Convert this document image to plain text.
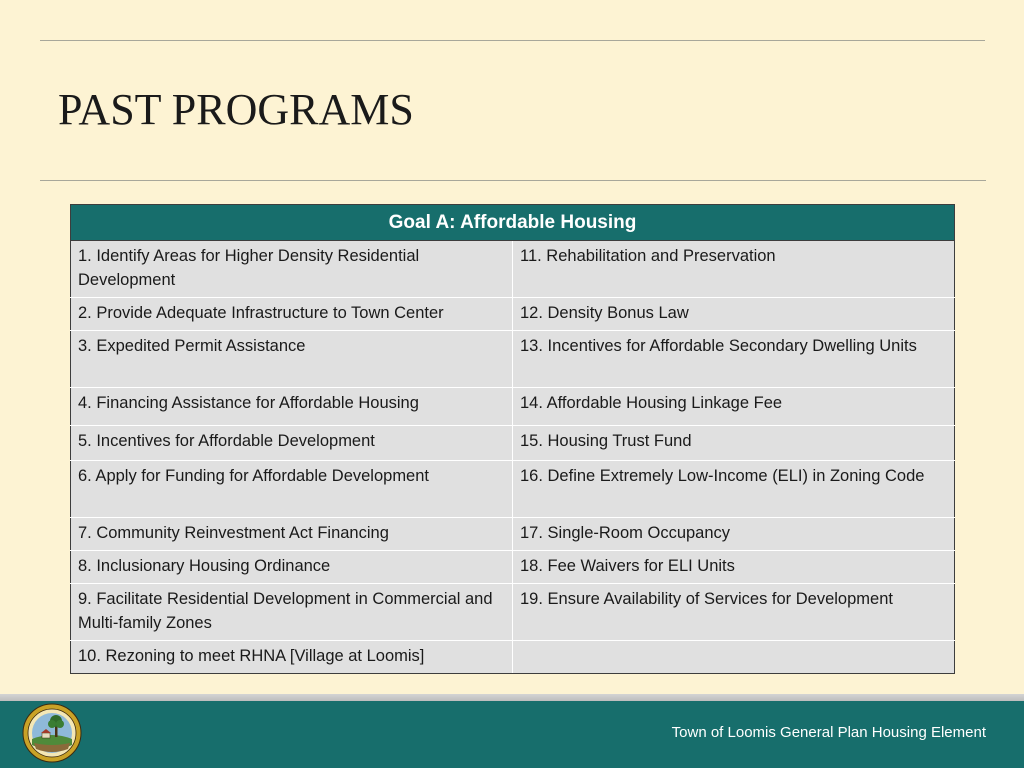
PAST PROGRAMS
Goal A: Affordable Housing	
1. Identify Areas for Higher Density Residential Development	11. Rehabilitation and Preservation
2. Provide Adequate Infrastructure to Town Center	12. Density Bonus Law
3. Expedited Permit Assistance	13. Incentives for Affordable Secondary Dwelling Units
4. Financing Assistance for Affordable Housing	14. Affordable Housing Linkage Fee
5. Incentives for Affordable Development	15. Housing Trust Fund
6. Apply for Funding for Affordable Development	16. Define Extremely Low-Income (ELI) in Zoning Code
7. Community Reinvestment Act Financing	17. Single-Room Occupancy
8. Inclusionary Housing Ordinance	18. Fee Waivers for ELI Units
9. Facilitate Residential Development in Commercial and Multi-family Zones	19. Ensure Availability of Services for Development
10. Rezoning to meet RHNA [Village at Loomis]	
Town of Loomis General Plan Housing Element
